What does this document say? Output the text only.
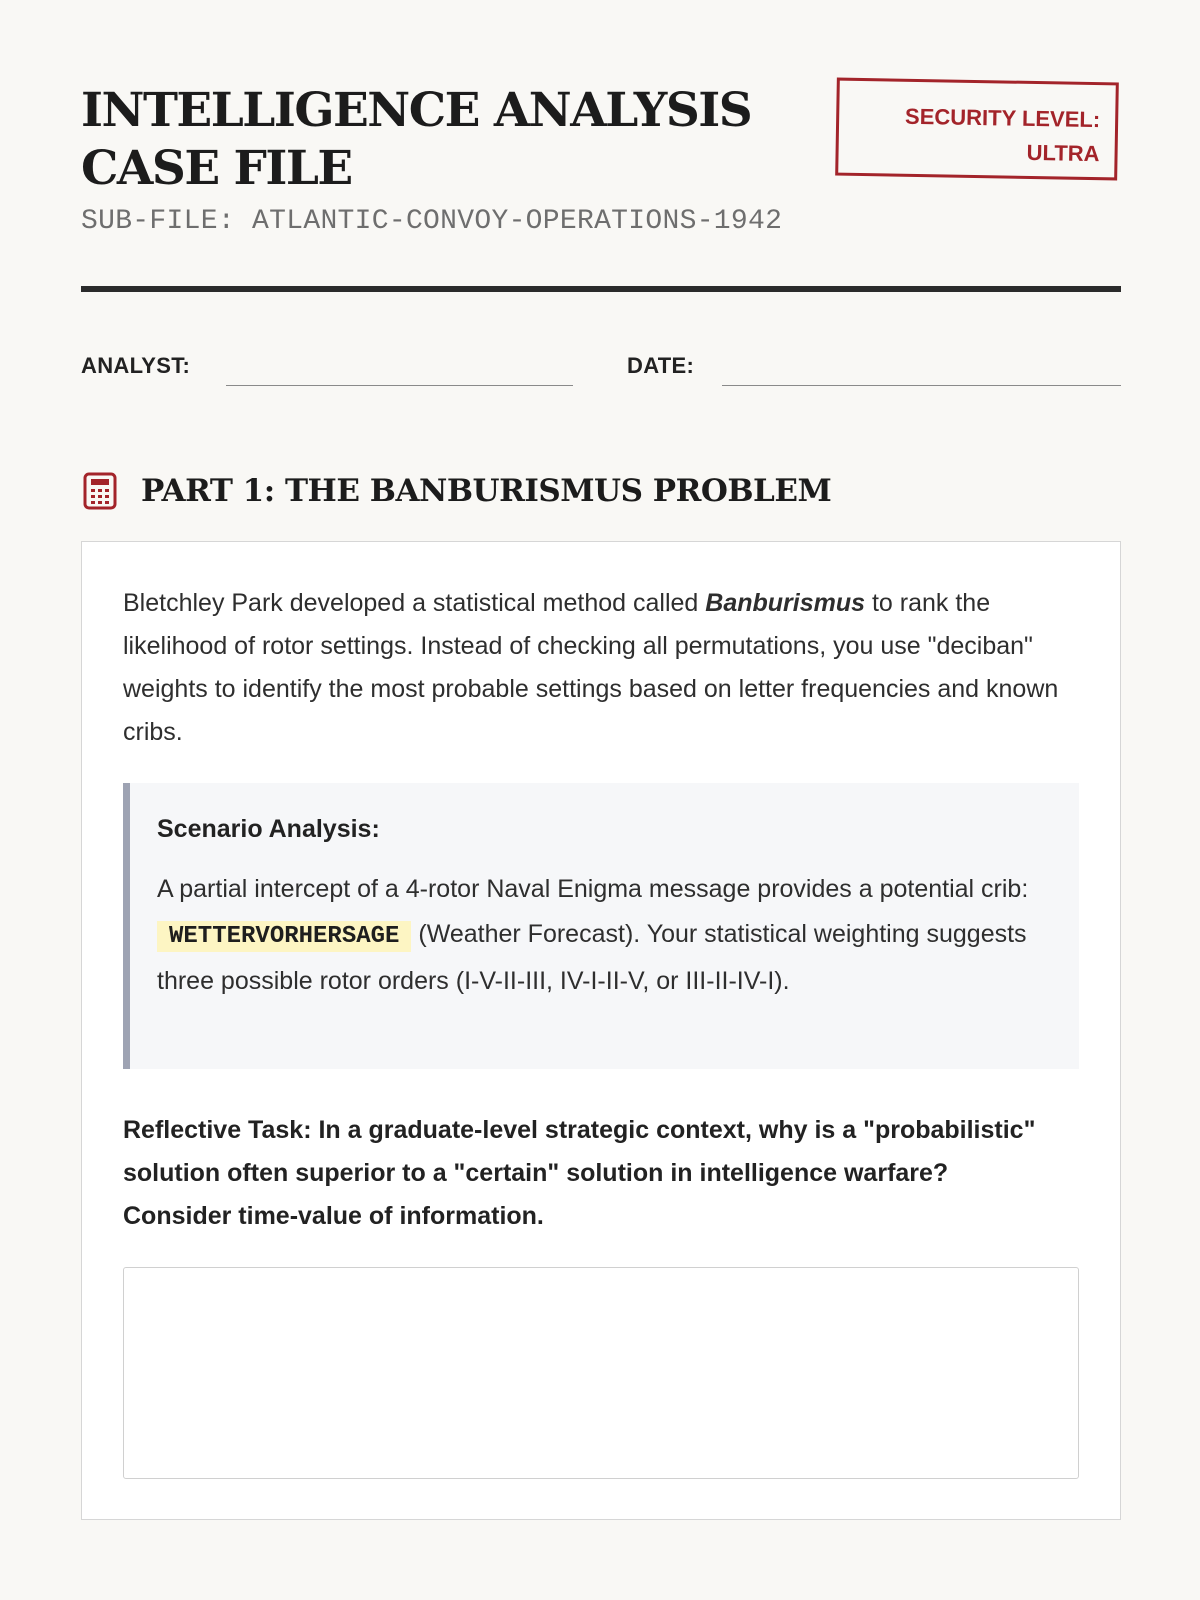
INTELLIGENCE ANALYSIS CASE FILE
SUB-FILE: ATLANTIC-CONVOY-OPERATIONS-1942
SECURITY LEVEL:
ULTRA
ANALYST:	DATE:
PART 1: THE BANBURISMUS PROBLEM

Bletchley Park developed a statistical method called Banburismus to rank the likelihood of rotor settings. Instead of checking all permutations, you use "deciban" weights to identify the most probable settings based on letter frequencies and known cribs.

Scenario Analysis:

A partial intercept of a 4-rotor Naval Enigma message provides a potential crib: WETTERVORHERSAGE (Weather Forecast). Your statistical weighting suggests three possible rotor orders (I-V-II-III, IV-I-II-V, or III-II-IV-I).

Reflective Task: In a graduate-level strategic context, why is a "probabilistic" solution often superior to a "certain" solution in intelligence warfare? Consider time-value of information.
